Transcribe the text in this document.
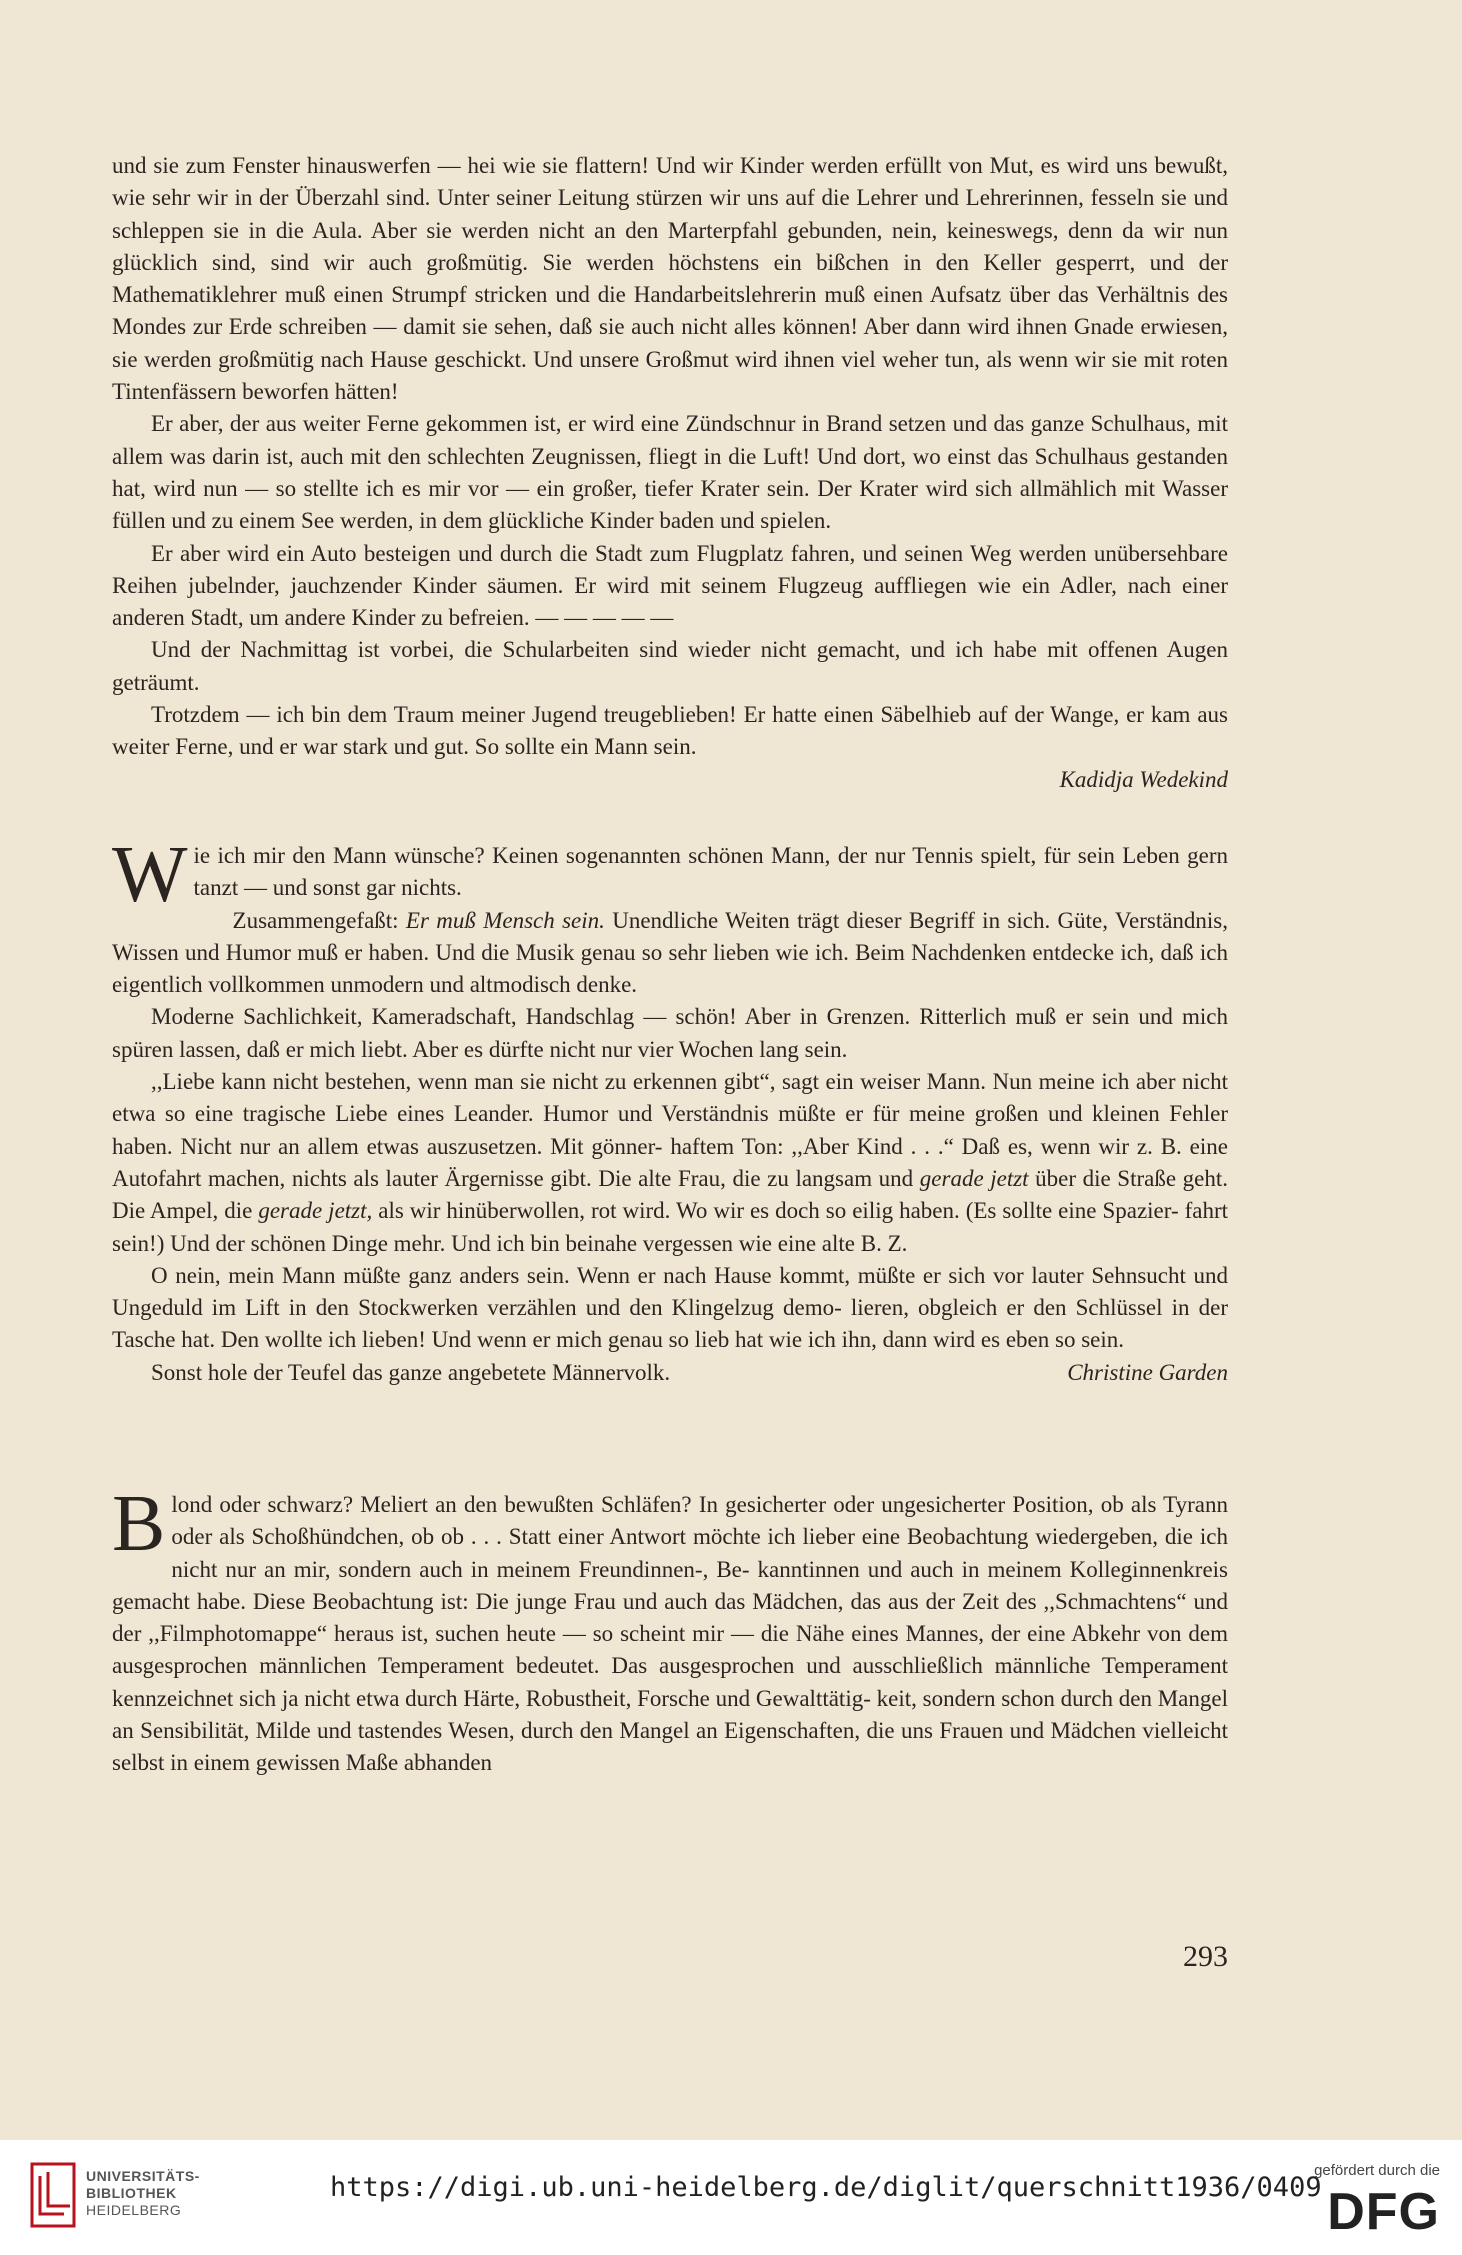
und sie zum Fenster hinauswerfen — hei wie sie flattern! Und wir Kinder werden erfüllt von Mut, es wird uns bewußt, wie sehr wir in der Überzahl sind. Unter seiner Leitung stürzen wir uns auf die Lehrer und Lehrerinnen, fesseln sie und schleppen sie in die Aula. Aber sie werden nicht an den Marterpfahl gebunden, nein, keineswegs, denn da wir nun glücklich sind, sind wir auch großmütig. Sie werden höchstens ein bißchen in den Keller gesperrt, und der Mathematiklehrer muß einen Strumpf stricken und die Handarbeitslehrerin muß einen Aufsatz über das Verhältnis des Mondes zur Erde schreiben — damit sie sehen, daß sie auch nicht alles können! Aber dann wird ihnen Gnade erwiesen, sie werden großmütig nach Hause geschickt. Und unsere Großmut wird ihnen viel weher tun, als wenn wir sie mit roten Tintenfässern beworfen hätten!

Er aber, der aus weiter Ferne gekommen ist, er wird eine Zündschnur in Brand setzen und das ganze Schulhaus, mit allem was darin ist, auch mit den schlechten Zeugnissen, fliegt in die Luft! Und dort, wo einst das Schulhaus gestanden hat, wird nun — so stellte ich es mir vor — ein großer, tiefer Krater sein. Der Krater wird sich allmählich mit Wasser füllen und zu einem See werden, in dem glückliche Kinder baden und spielen.

Er aber wird ein Auto besteigen und durch die Stadt zum Flugplatz fahren, und seinen Weg werden unübersehbare Reihen jubelnder, jauchzender Kinder säumen. Er wird mit seinem Flugzeug auffliegen wie ein Adler, nach einer anderen Stadt, um andere Kinder zu befreien. — — — — —

Und der Nachmittag ist vorbei, die Schularbeiten sind wieder nicht gemacht, und ich habe mit offenen Augen geträumt.

Trotzdem — ich bin dem Traum meiner Jugend treugeblieben! Er hatte einen Säbelhieb auf der Wange, er kam aus weiter Ferne, und er war stark und gut. So sollte ein Mann sein.

Kadidja Wedekind

Wie ich mir den Mann wünsche? Keinen sogenannten schönen Mann, der nur Tennis spielt, für sein Leben gern tanzt — und sonst gar nichts.

Zusammengefaßt: Er muß Mensch sein. Unendliche Weiten trägt dieser Begriff in sich. Güte, Verständnis, Wissen und Humor muß er haben. Und die Musik genau so sehr lieben wie ich. Beim Nachdenken entdecke ich, daß ich eigentlich vollkommen unmodern und altmodisch denke.

Moderne Sachlichkeit, Kameradschaft, Handschlag — schön! Aber in Grenzen. Ritterlich muß er sein und mich spüren lassen, daß er mich liebt. Aber es dürfte nicht nur vier Wochen lang sein.

,,Liebe kann nicht bestehen, wenn man sie nicht zu erkennen gibt“, sagt ein weiser Mann. Nun meine ich aber nicht etwa so eine tragische Liebe eines Leander. Humor und Verständnis müßte er für meine großen und kleinen Fehler haben. Nicht nur an allem etwas auszusetzen. Mit gönner- haftem Ton: ,,Aber Kind . . .“ Daß es, wenn wir z. B. eine Autofahrt machen, nichts als lauter Ärgernisse gibt. Die alte Frau, die zu langsam und gerade jetzt über die Straße geht. Die Ampel, die gerade jetzt, als wir hinüberwollen, rot wird. Wo wir es doch so eilig haben. (Es sollte eine Spazier- fahrt sein!) Und der schönen Dinge mehr. Und ich bin beinahe vergessen wie eine alte B. Z.

O nein, mein Mann müßte ganz anders sein. Wenn er nach Hause kommt, müßte er sich vor lauter Sehnsucht und Ungeduld im Lift in den Stockwerken verzählen und den Klingelzug demo- lieren, obgleich er den Schlüssel in der Tasche hat. Den wollte ich lieben! Und wenn er mich genau so lieb hat wie ich ihn, dann wird es eben so sein.

Sonst hole der Teufel das ganze angebetete Männervolk.	Christine Garden

Blond oder schwarz? Meliert an den bewußten Schläfen? In gesicherter oder ungesicherter Position, ob als Tyrann oder als Schoßhündchen, ob ob . . . Statt einer Antwort möchte ich lieber eine Beobachtung wiedergeben, die ich nicht nur an mir, sondern auch in meinem Freundinnen-, Be- kanntinnen und auch in meinem Kolleginnenkreis gemacht habe. Diese Beobachtung ist: Die junge Frau und auch das Mädchen, das aus der Zeit des ,,Schmachtens“ und der ,,Filmphotomappe“ heraus ist, suchen heute — so scheint mir — die Nähe eines Mannes, der eine Abkehr von dem ausgesprochen männlichen Temperament bedeutet. Das ausgesprochen und ausschließlich männliche Temperament kennzeichnet sich ja nicht etwa durch Härte, Robustheit, Forsche und Gewalttätig- keit, sondern schon durch den Mangel an Sensibilität, Milde und tastendes Wesen, durch den Mangel an Eigenschaften, die uns Frauen und Mädchen vielleicht selbst in einem gewissen Maße abhanden

293
UNIVERSITÄTS-
BIBLIOTHEK
HEIDELBERG
https://digi.ub.uni-heidelberg.de/diglit/querschnitt1936/0409
gefördert durch die
DFG
